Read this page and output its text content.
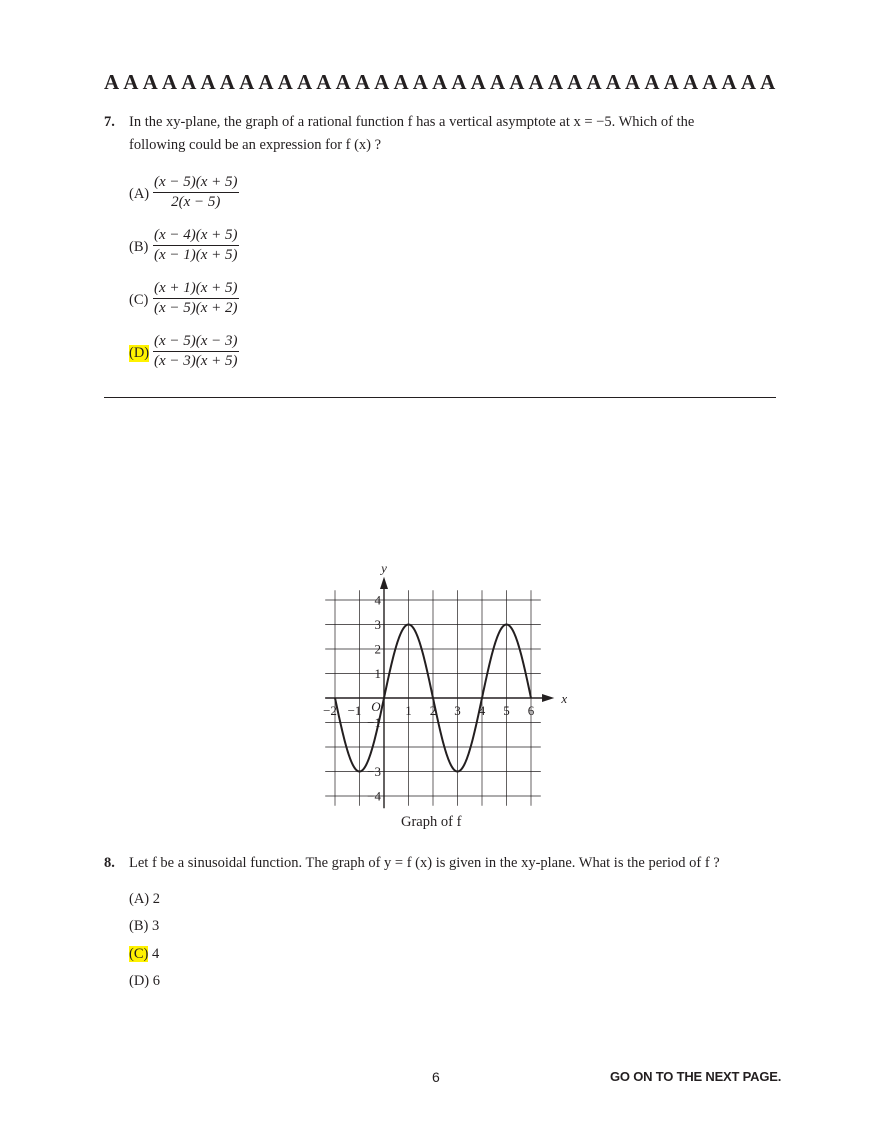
A A A A A A A A A A A A A A A A A A A A A A A A A A A A A A A A A A A
7. In the xy-plane, the graph of a rational function f has a vertical asymptote at x = −5. Which of the
following could be an expression for f (x) ?
$(A) \frac{(x - 5)(x + 5)}{2(x - 5)}$
$(B) \frac{(x - 4)(x + 5)}{(x - 1)(x + 5)}$
$(C) \frac{(x + 1)(x + 5)}{(x - 5)(x + 2)}$
$(D) \frac{(x - 5)(x - 3)}{(x - 3)(x + 5)}$
−2 −1	1 2 3 4 5 6
4
3
2
1
−1
−3
−4
O
x
y
Graph of f
8. Let f be a sinusoidal function. The graph of y = f (x) is given in the xy-plane. What is the period of f ?
(A) 2
(B) 3
(C) 4
(D) 6
6	GO ON TO THE NEXT PAGE.
